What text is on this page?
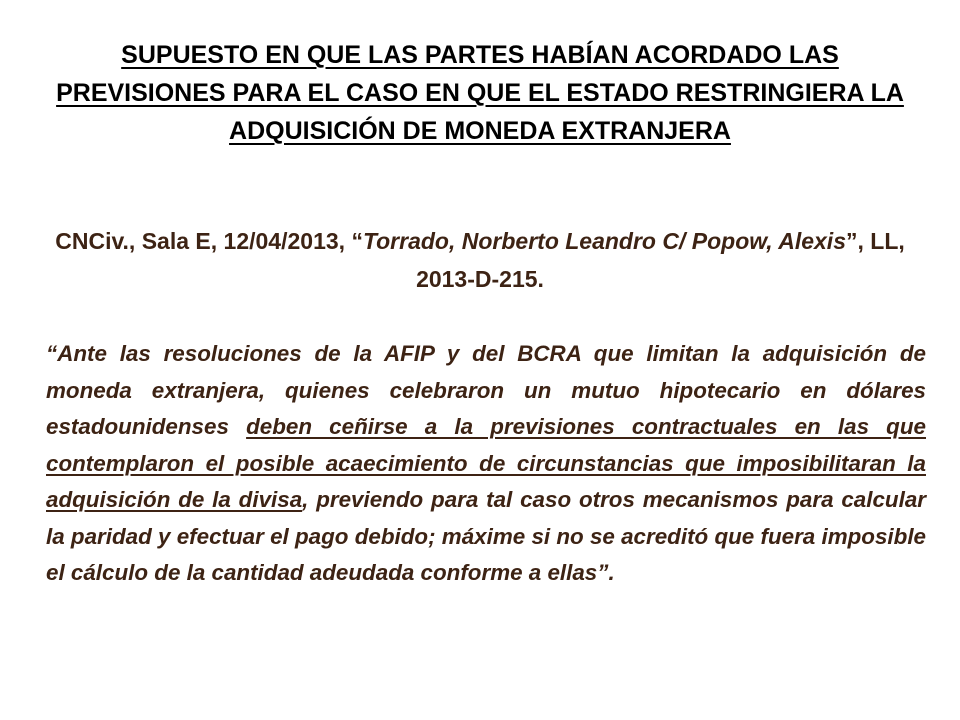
SUPUESTO EN QUE LAS PARTES HABÍAN ACORDADO LAS PREVISIONES PARA EL CASO EN QUE EL ESTADO RESTRINGIERA LA ADQUISICIÓN DE MONEDA EXTRANJERA

CNCiv., Sala E, 12/04/2013, “Torrado, Norberto Leandro C/ Popow, Alexis”, LL, 2013-D-215.

“Ante las resoluciones de la AFIP y del BCRA que limitan la adquisición de moneda extranjera, quienes celebraron un mutuo hipotecario en dólares estadounidenses deben ceñirse a la previsiones contractuales en las que contemplaron el posible acaecimiento de circunstancias que imposibilitaran la adquisición de la divisa, previendo para tal caso otros mecanismos para calcular la paridad y efectuar el pago debido; máxime si no se acreditó que fuera imposible el cálculo de la cantidad adeudada conforme a ellas”.
